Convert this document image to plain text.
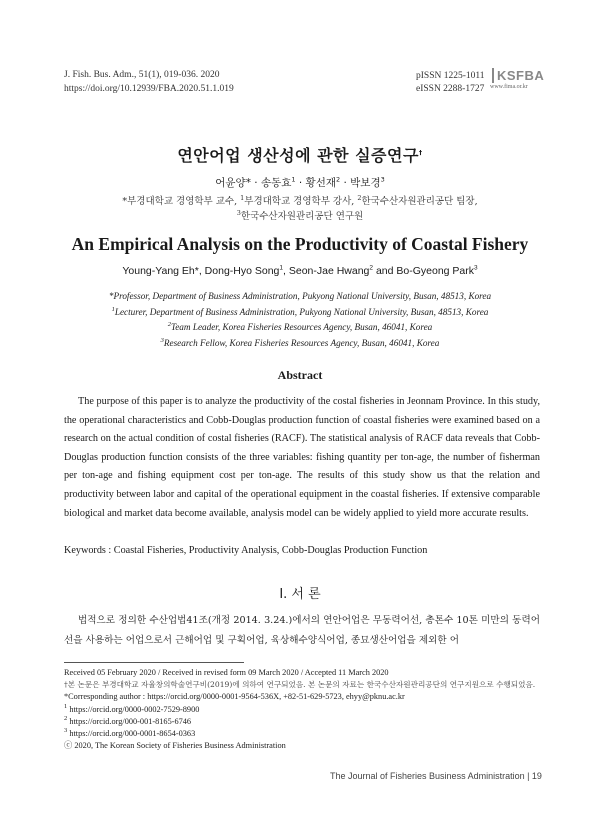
J. Fish. Bus. Adm., 51(1), 019-036. 2020
https://doi.org/10.12939/FBA.2020.51.1.019
pISSN 1225-1011
eISSN 2288-1727
KSFBA
www.fima.or.kr
연안어업 생산성에 관한 실증연구†
어윤양* · 송동효$^1$ · 황선재$^2$ · 박보경$^3$
*부경대학교 경영학부 교수, $^1$부경대학교 경영학부 강사, $^2$한국수산자원관리공단 팀장,
$^3$한국수산자원관리공단 연구원
An Empirical Analysis on the Productivity of Coastal Fishery
Young-Yang Eh*, Dong-Hyo Song$^1$, Seon-Jae Hwang$^2$ and Bo-Gyeong Park$^3$
*Professor, Department of Business Administration, Pukyong National University, Busan, 48513, Korea
$^1$Lecturer, Department of Business Administration, Pukyong National University, Busan, 48513, Korea
$^2$Team Leader, Korea Fisheries Resources Agency, Busan, 46041, Korea
$^3$Research Fellow, Korea Fisheries Resources Agency, Busan, 46041, Korea
Abstract
The purpose of this paper is to analyze the productivity of the costal fisheries in Jeonnam Province. In this study, the operational characteristics and Cobb-Douglas production function of coastal fisheries were examined based on a research on the actual condition of costal fisheries (RACF). The statistical analysis of RACF data reveals that Cobb-Douglas production function consists of the three variables: fishing quantity per ton-age, the number of fisherman per ton-age and fishing equipment cost per ton-age. The results of this study show us that the relation and productivity between labor and capital of the operational equipment in the coastal fisheries. If extensive comparable biological and market data become available, analysis model can be widely applied to yield more accurate results.
Keywords : Coastal Fisheries, Productivity Analysis, Cobb-Douglas Production Function
I. 서 론
법적으로 정의한 수산업법41조(개정 2014. 3.24.)에서의 연안어업은 무동력어선, 총톤수 10톤 미만의 동력어선을 사용하는 어업으로서 근해어업 및 구획어업, 육상해수양식어업, 종묘생산어업을 제외한 어
Received 05 February 2020 / Received in revised form 09 March 2020 / Accepted 11 March 2020
†본 논문은 부경대학교 자율창의학술연구비(2019)에 의하여 연구되었음. 본 논문의 자료는 한국수산자원관리공단의 연구지원으로 수행되었음.
*Corresponding author : https://orcid.org/0000-0001-9564-536X, +82-51-629-5723, ehyy@pknu.ac.kr
$^1$ https://orcid.org/0000-0002-7529-8900
$^2$ https://orcid.org/000-001-8165-6746
$^3$ https://orcid.org/000-0001-8654-0363
ⓒ 2020, The Korean Society of Fisheries Business Administration
The Journal of Fisheries Business Administration | 19
